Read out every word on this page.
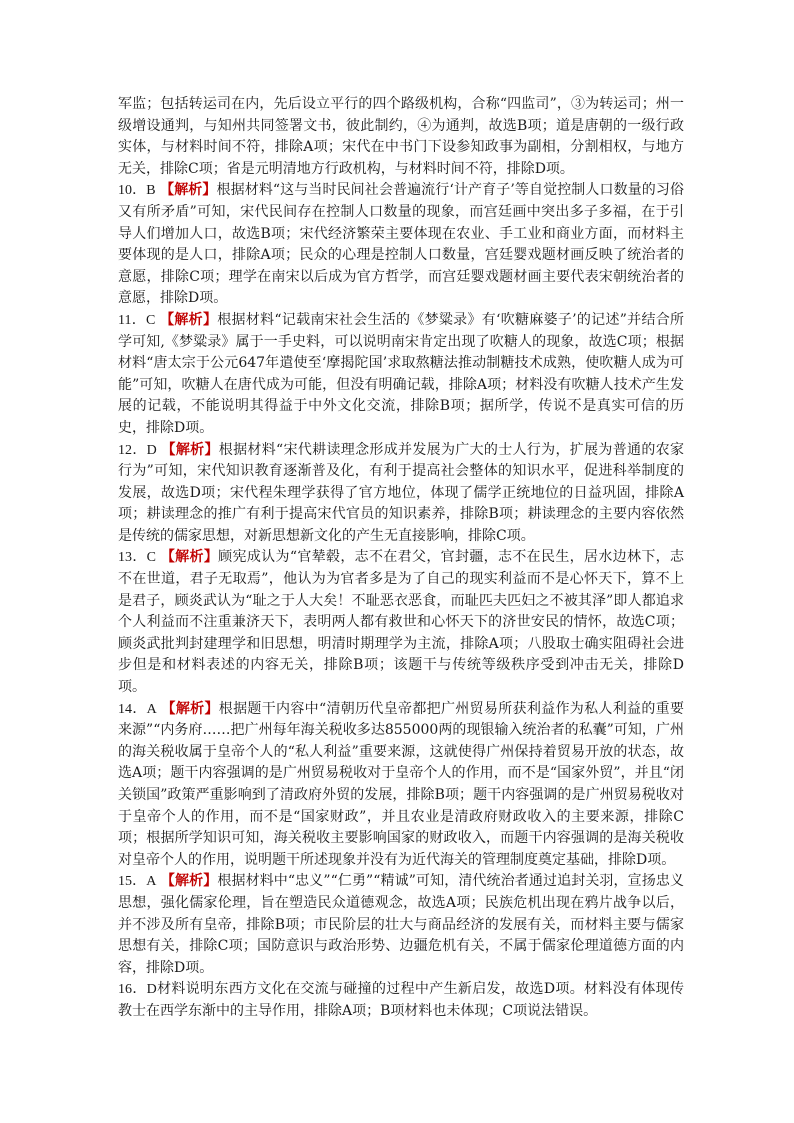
军监；包括转运司在内，先后设立平行的四个路级机构，合称“四监司”，③为转运司；州一级增设通判，与知州共同签署文书，彼此制约，④为通判，故选B项；道是唐朝的一级行政实体，与材料时间不符，排除A项；宋代在中书门下设参知政事为副相，分割相权，与地方无关，排除C项；省是元明清地方行政机构，与材料时间不符，排除D项。

10．B 【解析】根据材料“这与当时民间社会普遍流行‘计产育子’等自觉控制人口数量的习俗又有所矛盾”可知，宋代民间存在控制人口数量的现象，而宫廷画中突出多子多福，在于引导人们增加人口，故选B项；宋代经济繁荣主要体现在农业、手工业和商业方面，而材料主要体现的是人口，排除A项；民众的心理是控制人口数量，宫廷婴戏题材画反映了统治者的意愿，排除C项；理学在南宋以后成为官方哲学，而宫廷婴戏题材画主要代表宋朝统治者的意愿，排除D项。

11．C 【解析】根据材料“记载南宋社会生活的《梦粱录》有‘吹糖麻婆子’的记述”并结合所学可知,《梦粱录》属于一手史料，可以说明南宋肯定出现了吹糖人的现象，故选C项；根据材料“唐太宗于公元647年遣使至‘摩揭陀国’求取熬糖法推动制糖技术成熟，使吹糖人成为可能”可知，吹糖人在唐代成为可能，但没有明确记载，排除A项；材料没有吹糖人技术产生发展的记载，不能说明其得益于中外文化交流，排除B项；据所学，传说不是真实可信的历史，排除D项。

12．D 【解析】根据材料“宋代耕读理念形成并发展为广大的士人行为，扩展为普通的农家行为”可知，宋代知识教育逐渐普及化，有利于提高社会整体的知识水平，促进科举制度的发展，故选D项；宋代程朱理学获得了官方地位，体现了儒学正统地位的日益巩固，排除A项；耕读理念的推广有利于提高宋代官员的知识素养，排除B项；耕读理念的主要内容依然是传统的儒家思想，对新思想新文化的产生无直接影响，排除C项。

13．C 【解析】顾宪成认为“官辇毂，志不在君父，官封疆，志不在民生，居水边林下，志不在世道，君子无取焉”，他认为为官者多是为了自己的现实利益而不是心怀天下，算不上是君子，顾炎武认为“耻之于人大矣！不耻恶衣恶食，而耻匹夫匹妇之不被其泽”即人都追求个人利益而不注重兼济天下，表明两人都有救世和心怀天下的济世安民的情怀，故选C项；顾炎武批判封建理学和旧思想，明清时期理学为主流，排除A项；八股取士确实阻碍社会进步但是和材料表述的内容无关，排除B项；该题干与传统等级秩序受到冲击无关，排除D项。

14．A 【解析】根据题干内容中“清朝历代皇帝都把广州贸易所获利益作为私人利益的重要来源”“内务府……把广州每年海关税收多达855000两的现银输入统治者的私囊”可知，广州的海关税收属于皇帝个人的“私人利益”重要来源，这就使得广州保持着贸易开放的状态，故选A项；题干内容强调的是广州贸易税收对于皇帝个人的作用，而不是“国家外贸”，并且“闭关锁国”政策严重影响到了清政府外贸的发展，排除B项；题干内容强调的是广州贸易税收对于皇帝个人的作用，而不是“国家财政”，并且农业是清政府财政收入的主要来源，排除C项；根据所学知识可知，海关税收主要影响国家的财政收入，而题干内容强调的是海关税收对皇帝个人的作用，说明题干所述现象并没有为近代海关的管理制度奠定基础，排除D项。

15．A 【解析】根据材料中“忠义”“仁勇”“精诚”可知，清代统治者通过追封关羽，宣扬忠义思想，强化儒家伦理，旨在塑造民众道德观念，故选A项；民族危机出现在鸦片战争以后，并不涉及所有皇帝，排除B项；市民阶层的壮大与商品经济的发展有关，而材料主要与儒家思想有关，排除C项；国防意识与政治形势、边疆危机有关，不属于儒家伦理道德方面的内容，排除D项。

16．D材料说明东西方文化在交流与碰撞的过程中产生新启发，故选D项。材料没有体现传教士在西学东渐中的主导作用，排除A项；B项材料也未体现；C项说法错误。
